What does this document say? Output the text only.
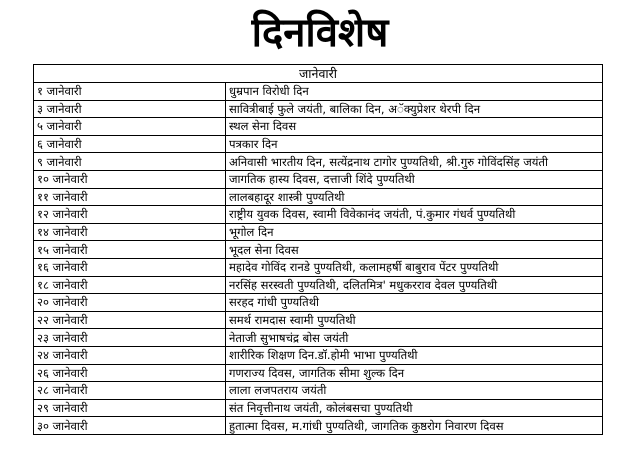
दिनविशेष
जानेवारी	
१ जानेवारी	धुम्रपान विरोधी दिन
३ जानेवारी	सावित्रीबाई फुले जयंती, बालिका दिन, अॅक्युप्रेशर थेरपी दिन
५ जानेवारी	स्थल सेना दिवस
६ जानेवारी	पत्रकार दिन
९ जानेवारी	अनिवासी भारतीय दिन, सत्येंद्रनाथ टागोर पुण्यतिथी, श्री.गुरु गोविंदसिंह जयंती
१० जानेवारी	जागतिक हास्य दिवस, दत्ताजी शिंदे पुण्यतिथी
११ जानेवारी	लालबहादूर शास्त्री पुण्यतिथी
१२ जानेवारी	राष्ट्रीय युवक दिवस, स्वामी विवेकानंद जयंती, पं.कुमार गंधर्व पुण्यतिथी
१४ जानेवारी	भूगोल दिन
१५ जानेवारी	भूदल सेना दिवस
१६ जानेवारी	महादेव गोविंद रानडे पुण्यतिथी, कलामहर्षी बाबुराव पेंटर पुण्यतिथी
१८ जानेवारी	नरसिंह सरस्वती पुण्यतिथी, दलितमित्र' मधुकरराव देवल पुण्यतिथी
२० जानेवारी	सरहद गांधी पुण्यतिथी
२२ जानेवारी	समर्थ रामदास स्वामी पुण्यतिथी
२३ जानेवारी	नेताजी सुभाषचंद्र बोस जयंती
२४ जानेवारी	शारीरिक शिक्षण दिन.डॉ.होमी भाभा पुण्यतिथी
२६ जानेवारी	गणराज्य दिवस, जागतिक सीमा शुल्क दिन
२८ जानेवारी	लाला लजपतराय जयंती
२९ जानेवारी	संत निवृत्तीनाथ जयंती, कोलंबसचा पुण्यतिथी
३० जानेवारी	हुतात्मा दिवस, म.गांधी पुण्यतिथी, जागतिक कुष्ठरोग निवारण दिवस
